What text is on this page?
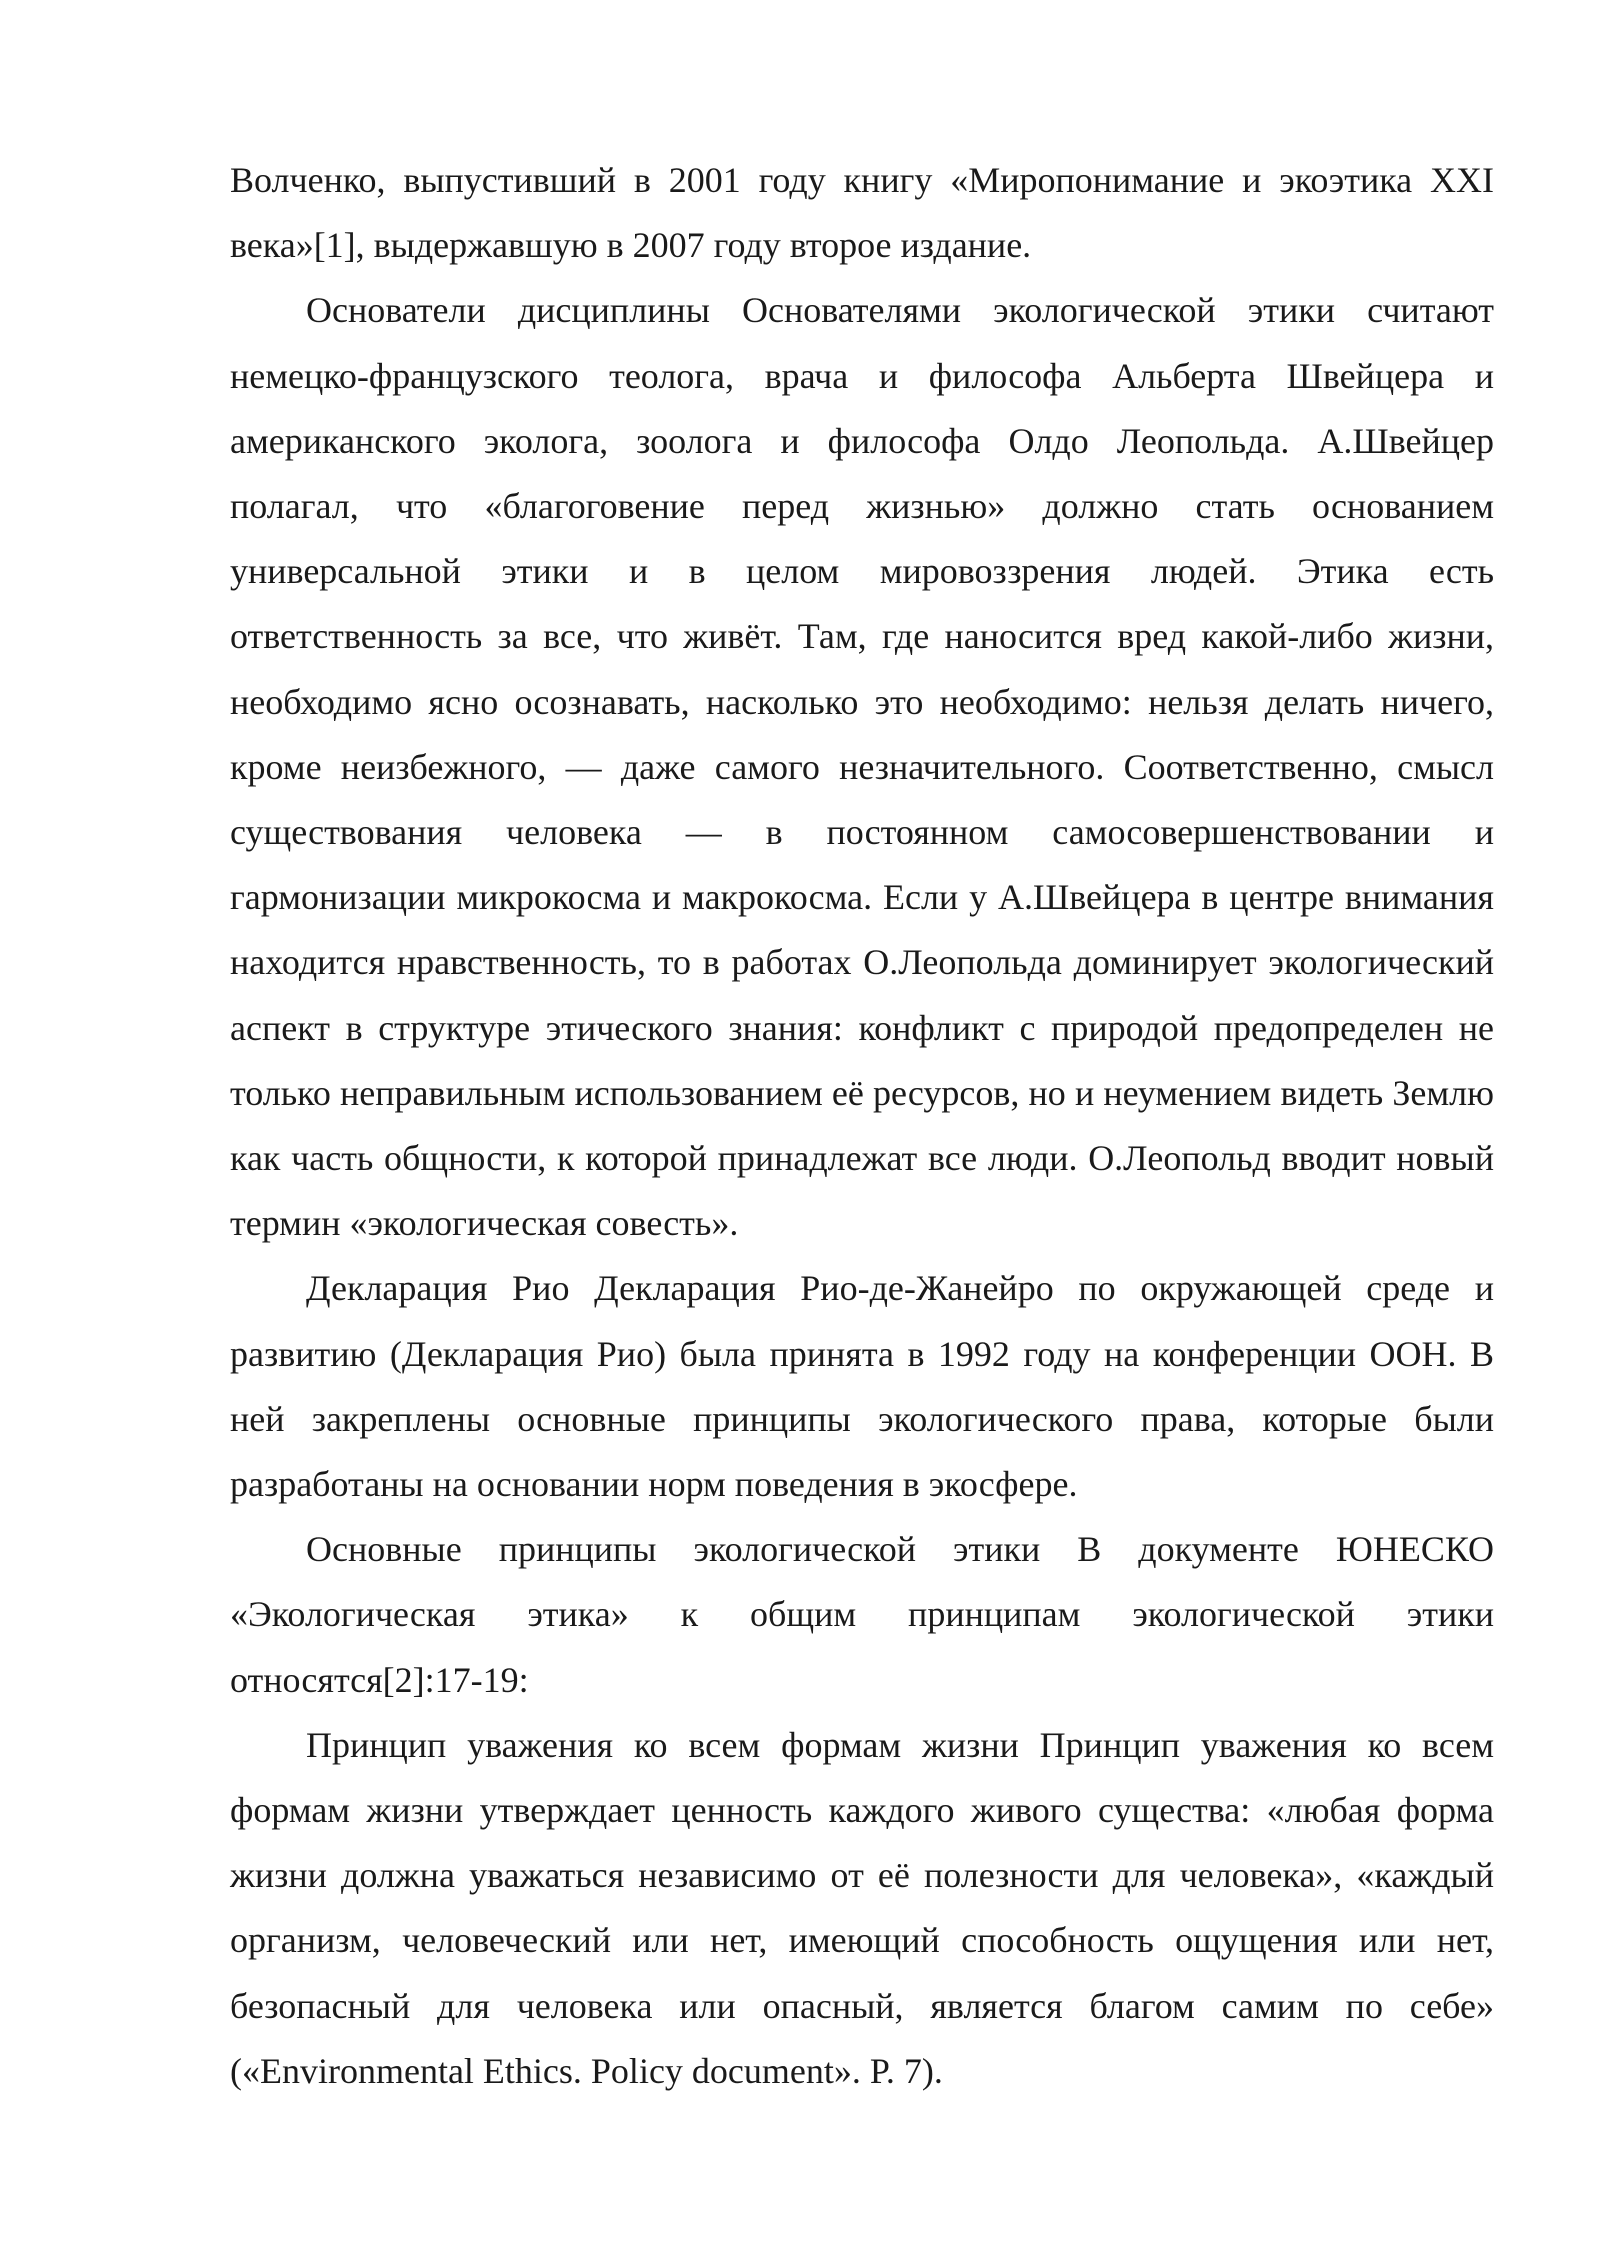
Волченко, выпустивший в 2001 году книгу «Миропонимание и экоэтика XXI века»[1], выдержавшую в 2007 году второе издание.

Основатели дисциплины Основателями экологической этики считают немецко-французского теолога, врача и философа Альберта Швейцера и американского эколога, зоолога и философа Олдо Леопольда. А.Швейцер полагал, что «благоговение перед жизнью» должно стать основанием универсальной этики и в целом мировоззрения людей. Этика есть ответственность за все, что живёт. Там, где наносится вред какой-либо жизни, необходимо ясно осознавать, насколько это необходимо: нельзя делать ничего, кроме неизбежного, — даже самого незначительного. Соответственно, смысл существования человека — в постоянном самосовершенствовании и гармонизации микрокосма и макрокосма. Если у А.Швейцера в центре внимания находится нравственность, то в работах О.Леопольда доминирует экологический аспект в структуре этического знания: конфликт с природой предопределен не только неправильным использованием её ресурсов, но и неумением видеть Землю как часть общности, к которой принадлежат все люди. О.Леопольд вводит новый термин «экологическая совесть».

Декларация Рио Декларация Рио-де-Жанейро по окружающей среде и развитию (Декларация Рио) была принята в 1992 году на конференции ООН. В ней закреплены основные принципы экологического права, которые были разработаны на основании норм поведения в экосфере.

Основные принципы экологической этики В документе ЮНЕСКО «Экологическая этика» к общим принципам экологической этики относятся[2]:17-19:

Принцип уважения ко всем формам жизни Принцип уважения ко всем формам жизни утверждает ценность каждого живого существа: «любая форма жизни должна уважаться независимо от её полезности для человека», «каждый организм, человеческий или нет, имеющий способность ощущения или нет, безопасный для человека или опасный, является благом самим по себе» («Environmental Ethics. Policy document». P. 7).
